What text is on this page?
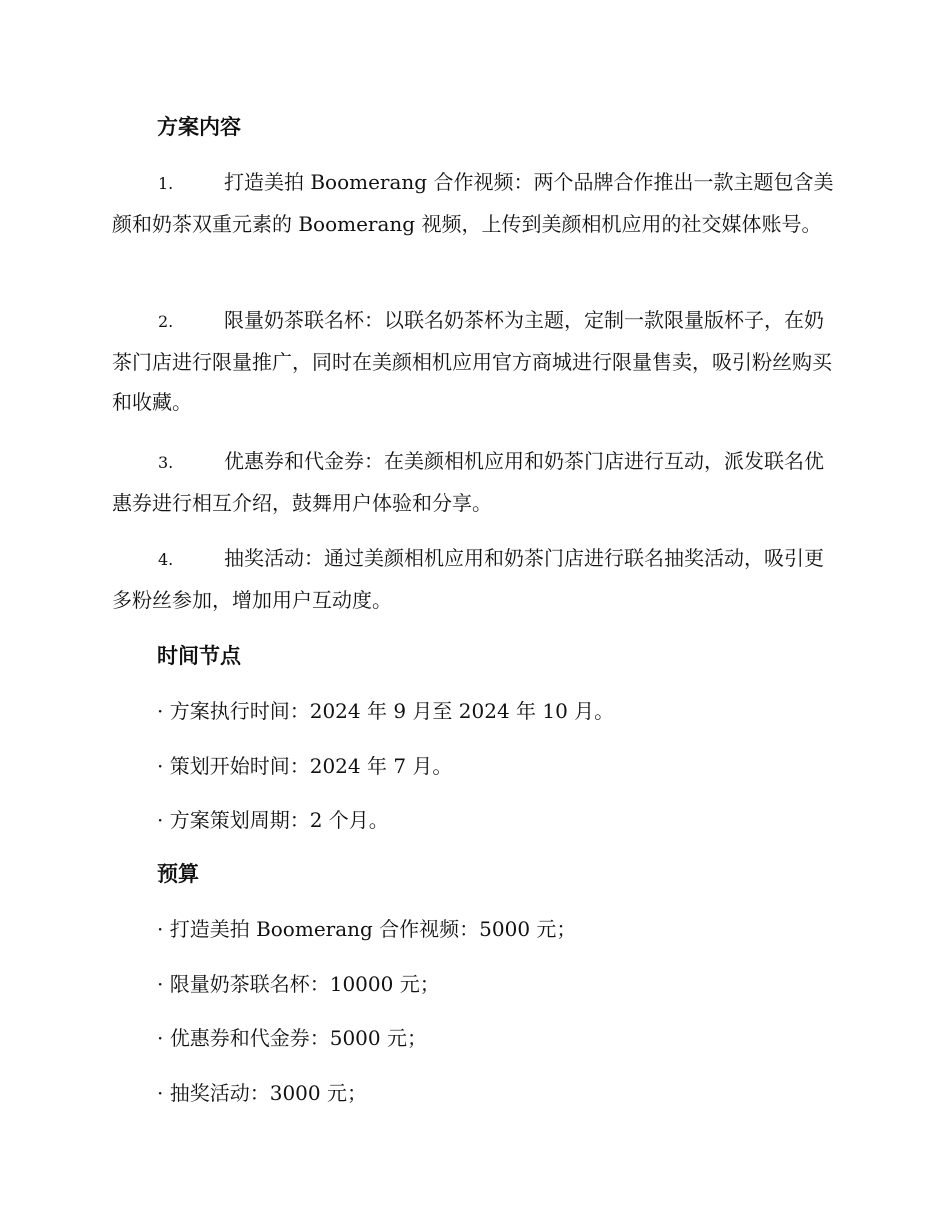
方案内容
1.	打造美拍 Boomerang 合作视频：两个品牌合作推出一款主题包含美颜和奶茶双重元素的 Boomerang 视频，上传到美颜相机应用的社交媒体账号。
2.	限量奶茶联名杯：以联名奶茶杯为主题，定制一款限量版杯子，在奶茶门店进行限量推广，同时在美颜相机应用官方商城进行限量售卖，吸引粉丝购买和收藏。
3.	优惠券和代金券：在美颜相机应用和奶茶门店进行互动，派发联名优惠券进行相互介绍，鼓舞用户体验和分享。
4.	抽奖活动：通过美颜相机应用和奶茶门店进行联名抽奖活动，吸引更多粉丝参加，增加用户互动度。
时间节点
· 方案执行时间：2024 年 9 月至 2024 年 10 月。
· 策划开始时间：2024 年 7 月。
· 方案策划周期：2 个月。
预算
· 打造美拍 Boomerang 合作视频：5000 元；
· 限量奶茶联名杯：10000 元；
· 优惠券和代金券：5000 元；
· 抽奖活动：3000 元；
